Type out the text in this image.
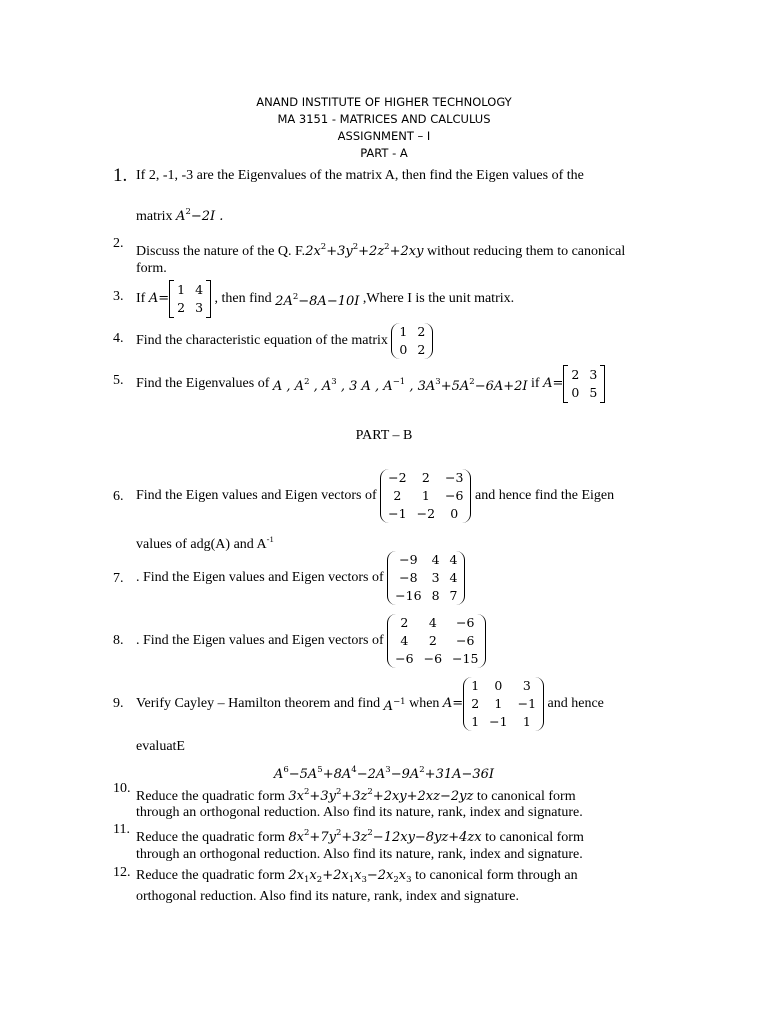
ANAND INSTITUTE OF HIGHER TECHNOLOGY
MA 3151 - MATRICES AND CALCULUS
ASSIGNMENT – I
PART - A
1. If 2, -1, -3 are the Eigenvalues of the matrix A, then find the Eigen values of the
matrix $A^2-2I$ .
2.
Discuss the nature of the Q. $F.2x^2+3y^2+2z^2+2xy$ without reducing them to canonical
form.
3. If
A=
1	4
2	3

, then find
$2A^2-8A-10I$
,Where I is the unit matrix.
4. Find the characteristic equation of the matrix

1	2
0	2
5. Find the Eigenvalues of
A , $A^2$ , $A^3$ , 3 A , $A^{-1}$ , $3A^3+5A^2-6A+2I$
if
A=
2	3
0	5
PART – B
6. Find the Eigen values and Eigen vectors of

−2	2	−3
2	1	−6
−1	−2	0

and hence find the Eigen
values of adg(A) and $A^{-1}$
7. . Find the Eigen values and Eigen vectors of

−9	4	4
−8	3	4
−16	8	7
8. . Find the Eigen values and Eigen vectors of

2	4	−6
4	2	−6
−6	−6	−15
9. Verify Cayley – Hamilton theorem and find
$A^{-1}$
when
A=
1	0	3
2	1	−1
1	−1	1

and hence
evaluatE
$A^6-5A^5+8A^4-2A^3-9A^2+31A-36I$
10.
Reduce the quadratic form $3x^2+3y^2+3z^2+2xy+2xz-2yz$ to canonical form
through an orthogonal reduction. Also find its nature, rank, index and signature.
11.
Reduce the quadratic form $8x^2+7y^2+3z^2-12xy-8yz+4zx$ to canonical form
through an orthogonal reduction. Also find its nature, rank, index and signature.
12. Reduce the quadratic form $2x_1x_2+2x_1x_3-2x_2x_3$ to canonical form through an
orthogonal reduction. Also find its nature, rank, index and signature.
